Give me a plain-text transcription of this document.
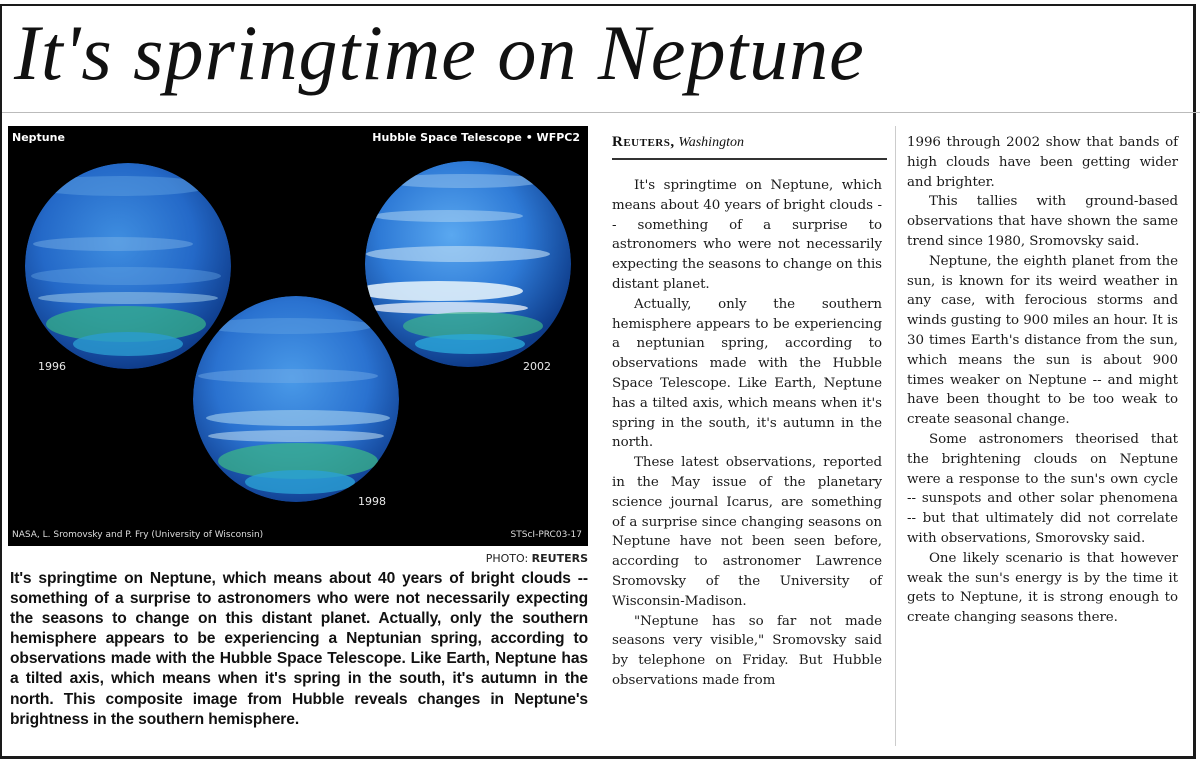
It's springtime on Neptune
Neptune	Hubble Space Telescope • WFPC2
1996
1998
2002
NASA, L. Sromovsky and P. Fry (University of Wisconsin)	STScI-PRC03-17
PHOTO: REUTERS

It's springtime on Neptune, which means about 40 years of bright clouds -- something of a surprise to astronomers who were not necessarily expecting the seasons to change on this distant planet. Actually, only the southern hemisphere appears to be experiencing a Neptunian spring, according to observations made with the Hubble Space Telescope. Like Earth, Neptune has a tilted axis, which means when it's spring in the south, it's autumn in the north. This composite image from Hubble reveals changes in Neptune's brightness in the southern hemisphere.

Reuters, Washington

It's springtime on Neptune, which means about 40 years of bright clouds -- something of a surprise to astronomers who were not necessarily expecting the seasons to change on this distant planet.

Actually, only the southern hemisphere appears to be experiencing a neptunian spring, according to observations made with the Hubble Space Telescope. Like Earth, Neptune has a tilted axis, which means when it's spring in the south, it's autumn in the north.

These latest observations, reported in the May issue of the planetary science journal Icarus, are something of a surprise since changing seasons on Neptune have not been seen before, according to astronomer Lawrence Sromovsky of the University of Wisconsin-Madison.

"Neptune has so far not made seasons very visible," Sromovsky said by telephone on Friday. But Hubble observations made from

1996 through 2002 show that bands of high clouds have been getting wider and brighter.

This tallies with ground-based observations that have shown the same trend since 1980, Sromovsky said.

Neptune, the eighth planet from the sun, is known for its weird weather in any case, with ferocious storms and winds gusting to 900 miles an hour. It is 30 times Earth's distance from the sun, which means the sun is about 900 times weaker on Neptune -- and might have been thought to be too weak to create seasonal change.

Some astronomers theorised that the brightening clouds on Neptune were a response to the sun's own cycle -- sunspots and other solar phenomena -- but that ultimately did not correlate with observations, Smorovsky said.

One likely scenario is that however weak the sun's energy is by the time it gets to Neptune, it is strong enough to create changing seasons there.
